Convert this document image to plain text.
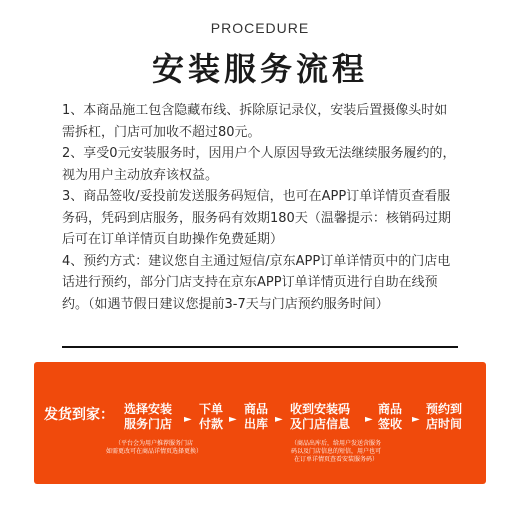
PROCEDURE
安装服务流程

1、本商品施工包含隐藏布线、拆除原记录仪，安装后置摄像头时如需拆杠，门店可加收不超过80元。

2、享受0元安装服务时，因用户个人原因导致无法继续服务履约的，视为用户主动放弃该权益。

3、商品签收/妥投前发送服务码短信，也可在APP订单详情页查看服务码，凭码到店服务，服务码有效期180天（温馨提示：核销码过期后可在订单详情页自助操作免费延期）

4、预约方式：建议您自主通过短信/京东APP订单详情页中的门店电话进行预约，部分门店支持在京东APP订单详情页进行自助在线预约。（如遇节假日建议您提前3-7天与门店预约服务时间）

发货到家： 选择安装
服务门店 ►
下单
付款 ►
商品
出库 ►
收到安装码
及门店信息 ►
商品
签收 ►
预约到
店时间
（平台会为用户推荐服务门店
如需更改可在商品详情页选择更换）
（商品出库后，给用户发送含服务
码以及门店信息的短信，用户也可
在订单详情页查看安装服务码）
